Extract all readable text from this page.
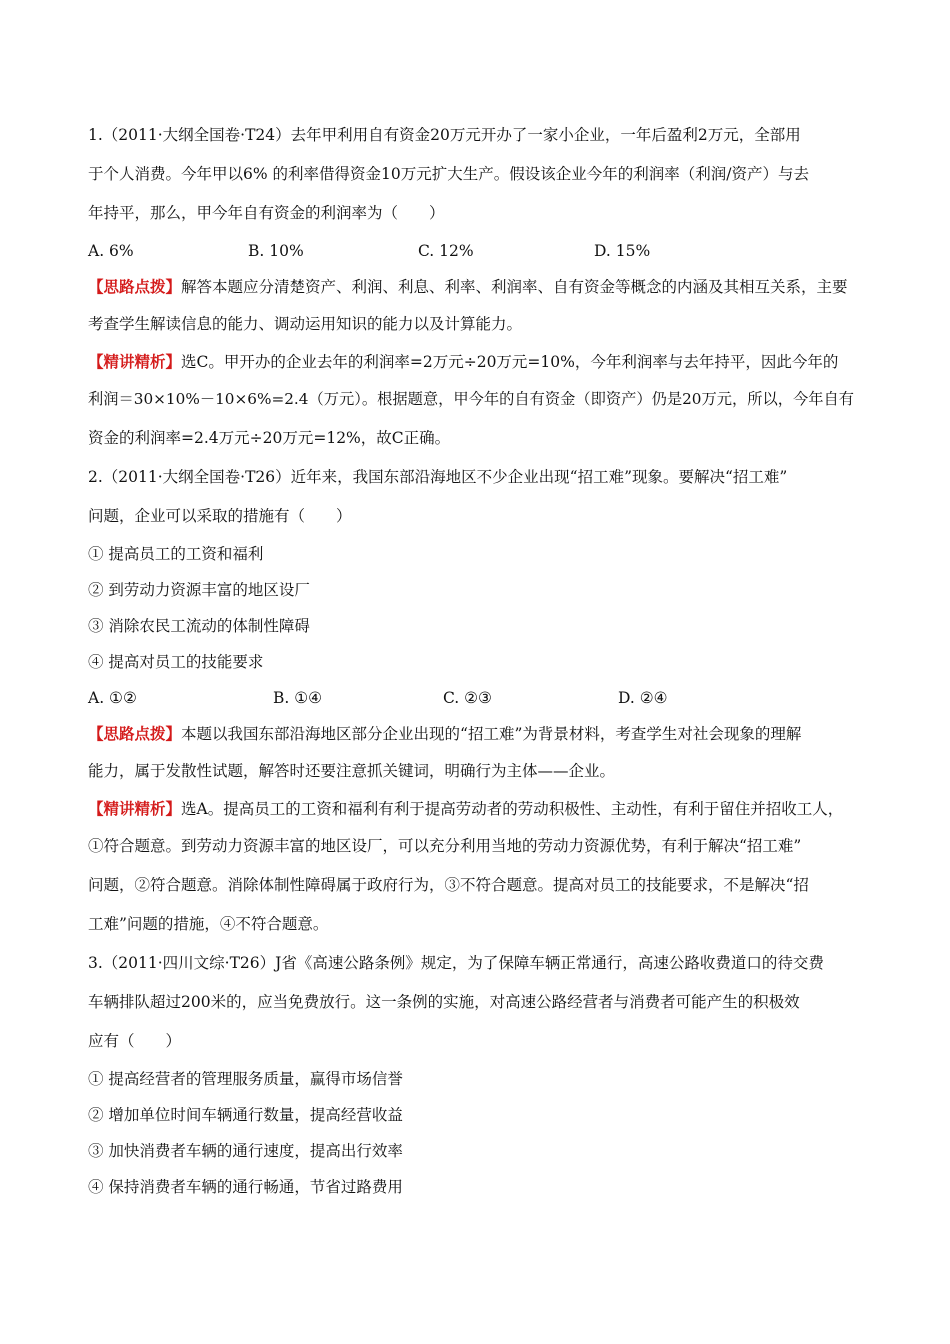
1.（2011·大纲全国卷·T24）去年甲利用自有资金20万元开办了一家小企业，一年后盈利2万元，全部用
于个人消费。今年甲以6% 的利率借得资金10万元扩大生产。假设该企业今年的利润率（利润/资产）与去
年持平，那么，甲今年自有资金的利润率为（　　）
A. 6%	B. 10%	C. 12%	D. 15%
【思路点拨】解答本题应分清楚资产、利润、利息、利率、利润率、自有资金等概念的内涵及其相互关系，主要
考查学生解读信息的能力、调动运用知识的能力以及计算能力。
【精讲精析】选C。甲开办的企业去年的利润率=2万元÷20万元=10%，今年利润率与去年持平，因此今年的
利润＝30×10%－10×6%=2.4（万元）。根据题意，甲今年的自有资金（即资产）仍是20万元，所以，今年自有
资金的利润率=2.4万元÷20万元=12%，故C正确。
2.（2011·大纲全国卷·T26）近年来，我国东部沿海地区不少企业出现“招工难”现象。要解决“招工难”
问题，企业可以采取的措施有（　　）
① 提高员工的工资和福利
② 到劳动力资源丰富的地区设厂
③ 消除农民工流动的体制性障碍
④ 提高对员工的技能要求
A. ①②	B. ①④	C. ②③	D. ②④
【思路点拨】本题以我国东部沿海地区部分企业出现的“招工难”为背景材料，考查学生对社会现象的理解
能力，属于发散性试题，解答时还要注意抓关键词，明确行为主体——企业。
【精讲精析】选A。提高员工的工资和福利有利于提高劳动者的劳动积极性、主动性，有利于留住并招收工人，
①符合题意。到劳动力资源丰富的地区设厂，可以充分利用当地的劳动力资源优势，有利于解决“招工难”
问题，②符合题意。消除体制性障碍属于政府行为，③不符合题意。提高对员工的技能要求，不是解决“招
工难”问题的措施，④不符合题意。
3.（2011·四川文综·T26）J省《高速公路条例》规定，为了保障车辆正常通行，高速公路收费道口的待交费
车辆排队超过200米的，应当免费放行。这一条例的实施，对高速公路经营者与消费者可能产生的积极效
应有（　　）
① 提高经营者的管理服务质量，赢得市场信誉
② 增加单位时间车辆通行数量，提高经营收益
③ 加快消费者车辆的通行速度，提高出行效率
④ 保持消费者车辆的通行畅通，节省过路费用
